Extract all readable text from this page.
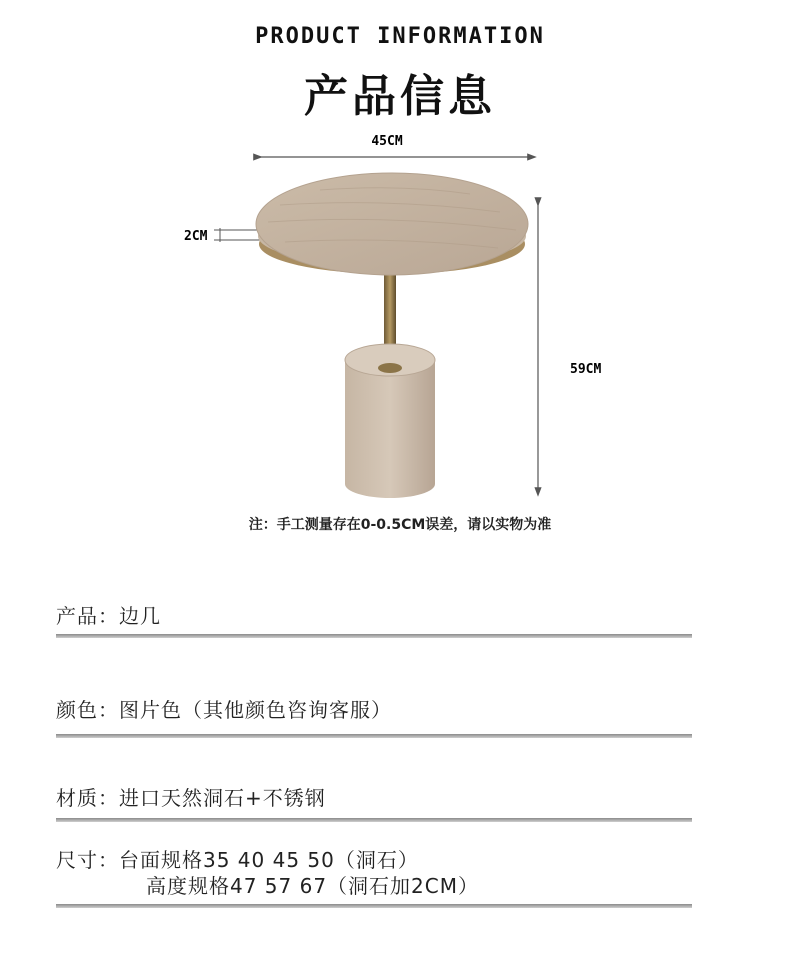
PRODUCT INFORMATION
产品信息
45CM
2CM
59CM
注：手工测量存在0-0.5CM误差，请以实物为准
产品：边几
颜色：图片色（其他颜色咨询客服）
材质：进口天然洞石+不锈钢
尺寸：台面规格35 40 45 50（洞石）
高度规格47 57 67（洞石加2CM）
